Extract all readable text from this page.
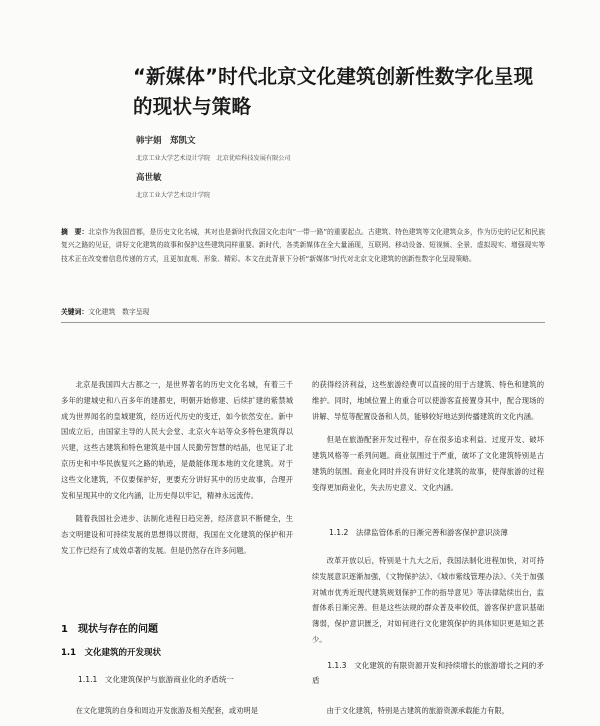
“新媒体”时代北京文化建筑创新性数字化呈现的现状与策略
韩宇娟　郑凯文
北京工业大学艺术设计学院　北京优哈科技发展有限公司
高世敏
北京工业大学艺术设计学院
摘　要：北京作为我国首都，是历史文化名城，其对也是新时代我国文化走向“一带一路”的重要起点。古建筑、特色建筑等文化建筑众多，作为历史的记忆和民族复兴之路的见证，讲好文化建筑的故事和保护这些建筑同样重要。新时代，各类新媒体在全大量涌现，互联网、移动设备、短视频、全景、虚拟现实、增强现实等技术正在改变着信息传递的方式，且更加直观、形象、精彩。本文在此背景下分析“新媒体”时代对北京文化建筑的创新性数字化呈现策略。
关键词：文化建筑　数字呈现

北京是我国四大古都之一，是世界著名的历史文化名城，有着三千多年的建城史和八百多年的建都史，明朝开始修建、后续扩建的紫禁城成为世界闻名的皇城建筑，经历近代历史的变迁，如今依然安在。新中国成立后，由国家主导的人民大会堂、北京火车站等众多特色建筑得以兴建，这些古建筑和特色建筑是中国人民勤劳智慧的结晶，也见证了北京历史和中华民族复兴之路的轨迹，是最能体现本地的文化建筑。对于这些文化建筑，不仅要保护好，更要充分讲好其中的历史故事，合理开发和呈现其中的文化内涵，让历史得以牢记，精神永远流传。

随着我国社会进步、法制化进程日趋完善，经济意识不断健全，生态文明建设和可持续发展的思想得以贯彻，我国在文化建筑的保护和开发工作已经有了成效卓著的发展。但是仍然存在许多问题。

1　现状与存在的问题
1.1　文化建筑的开发现状
1.1.1　文化建筑保护与旅游商业化的矛盾统一
在文化建筑的自身和周边开发旅游及相关配套，或劝明是

的获得经济利益，这些旅游经费可以直接的用于古建筑、特色和建筑的维护。同时，地域位置上的重合可以使游客直接置身其中，配合现场的讲解、导览等配置设备和人员，能够较好地达到传播建筑的文化内涵。

但是在旅游配套开发过程中，存在很多追求利益、过度开发、破坏建筑风格等一系列问题。商业氛围过于严重，破坏了文化建筑特别是古建筑的氛围。商业化同时并没有讲好文化建筑的故事，使得旅游的过程变得更加商业化，失去历史意义、文化内涵。

1.1.2　法律监管体系的日渐完善和游客保护意识淡薄

改革开放以后，特别是十九大之后，我国法制化进程加快，对可持续发展意识逐渐加强，《文物保护法》、《城市紫线管理办法》、《关于加强对城市优秀近现代建筑规划保护工作的指导意见》等法律陆续出台，监督体系日渐完善。但是这些法规的群众普及率较低，游客保护意识基础薄弱，保护意识匮乏，对如何进行文化建筑保护的具体知识更是知之甚少。

1.1.3　文化建筑的有限资源开发和持续增长的旅游增长之间的矛盾
由于文化建筑，特别是古建筑的旅游资源承载能力有限，
